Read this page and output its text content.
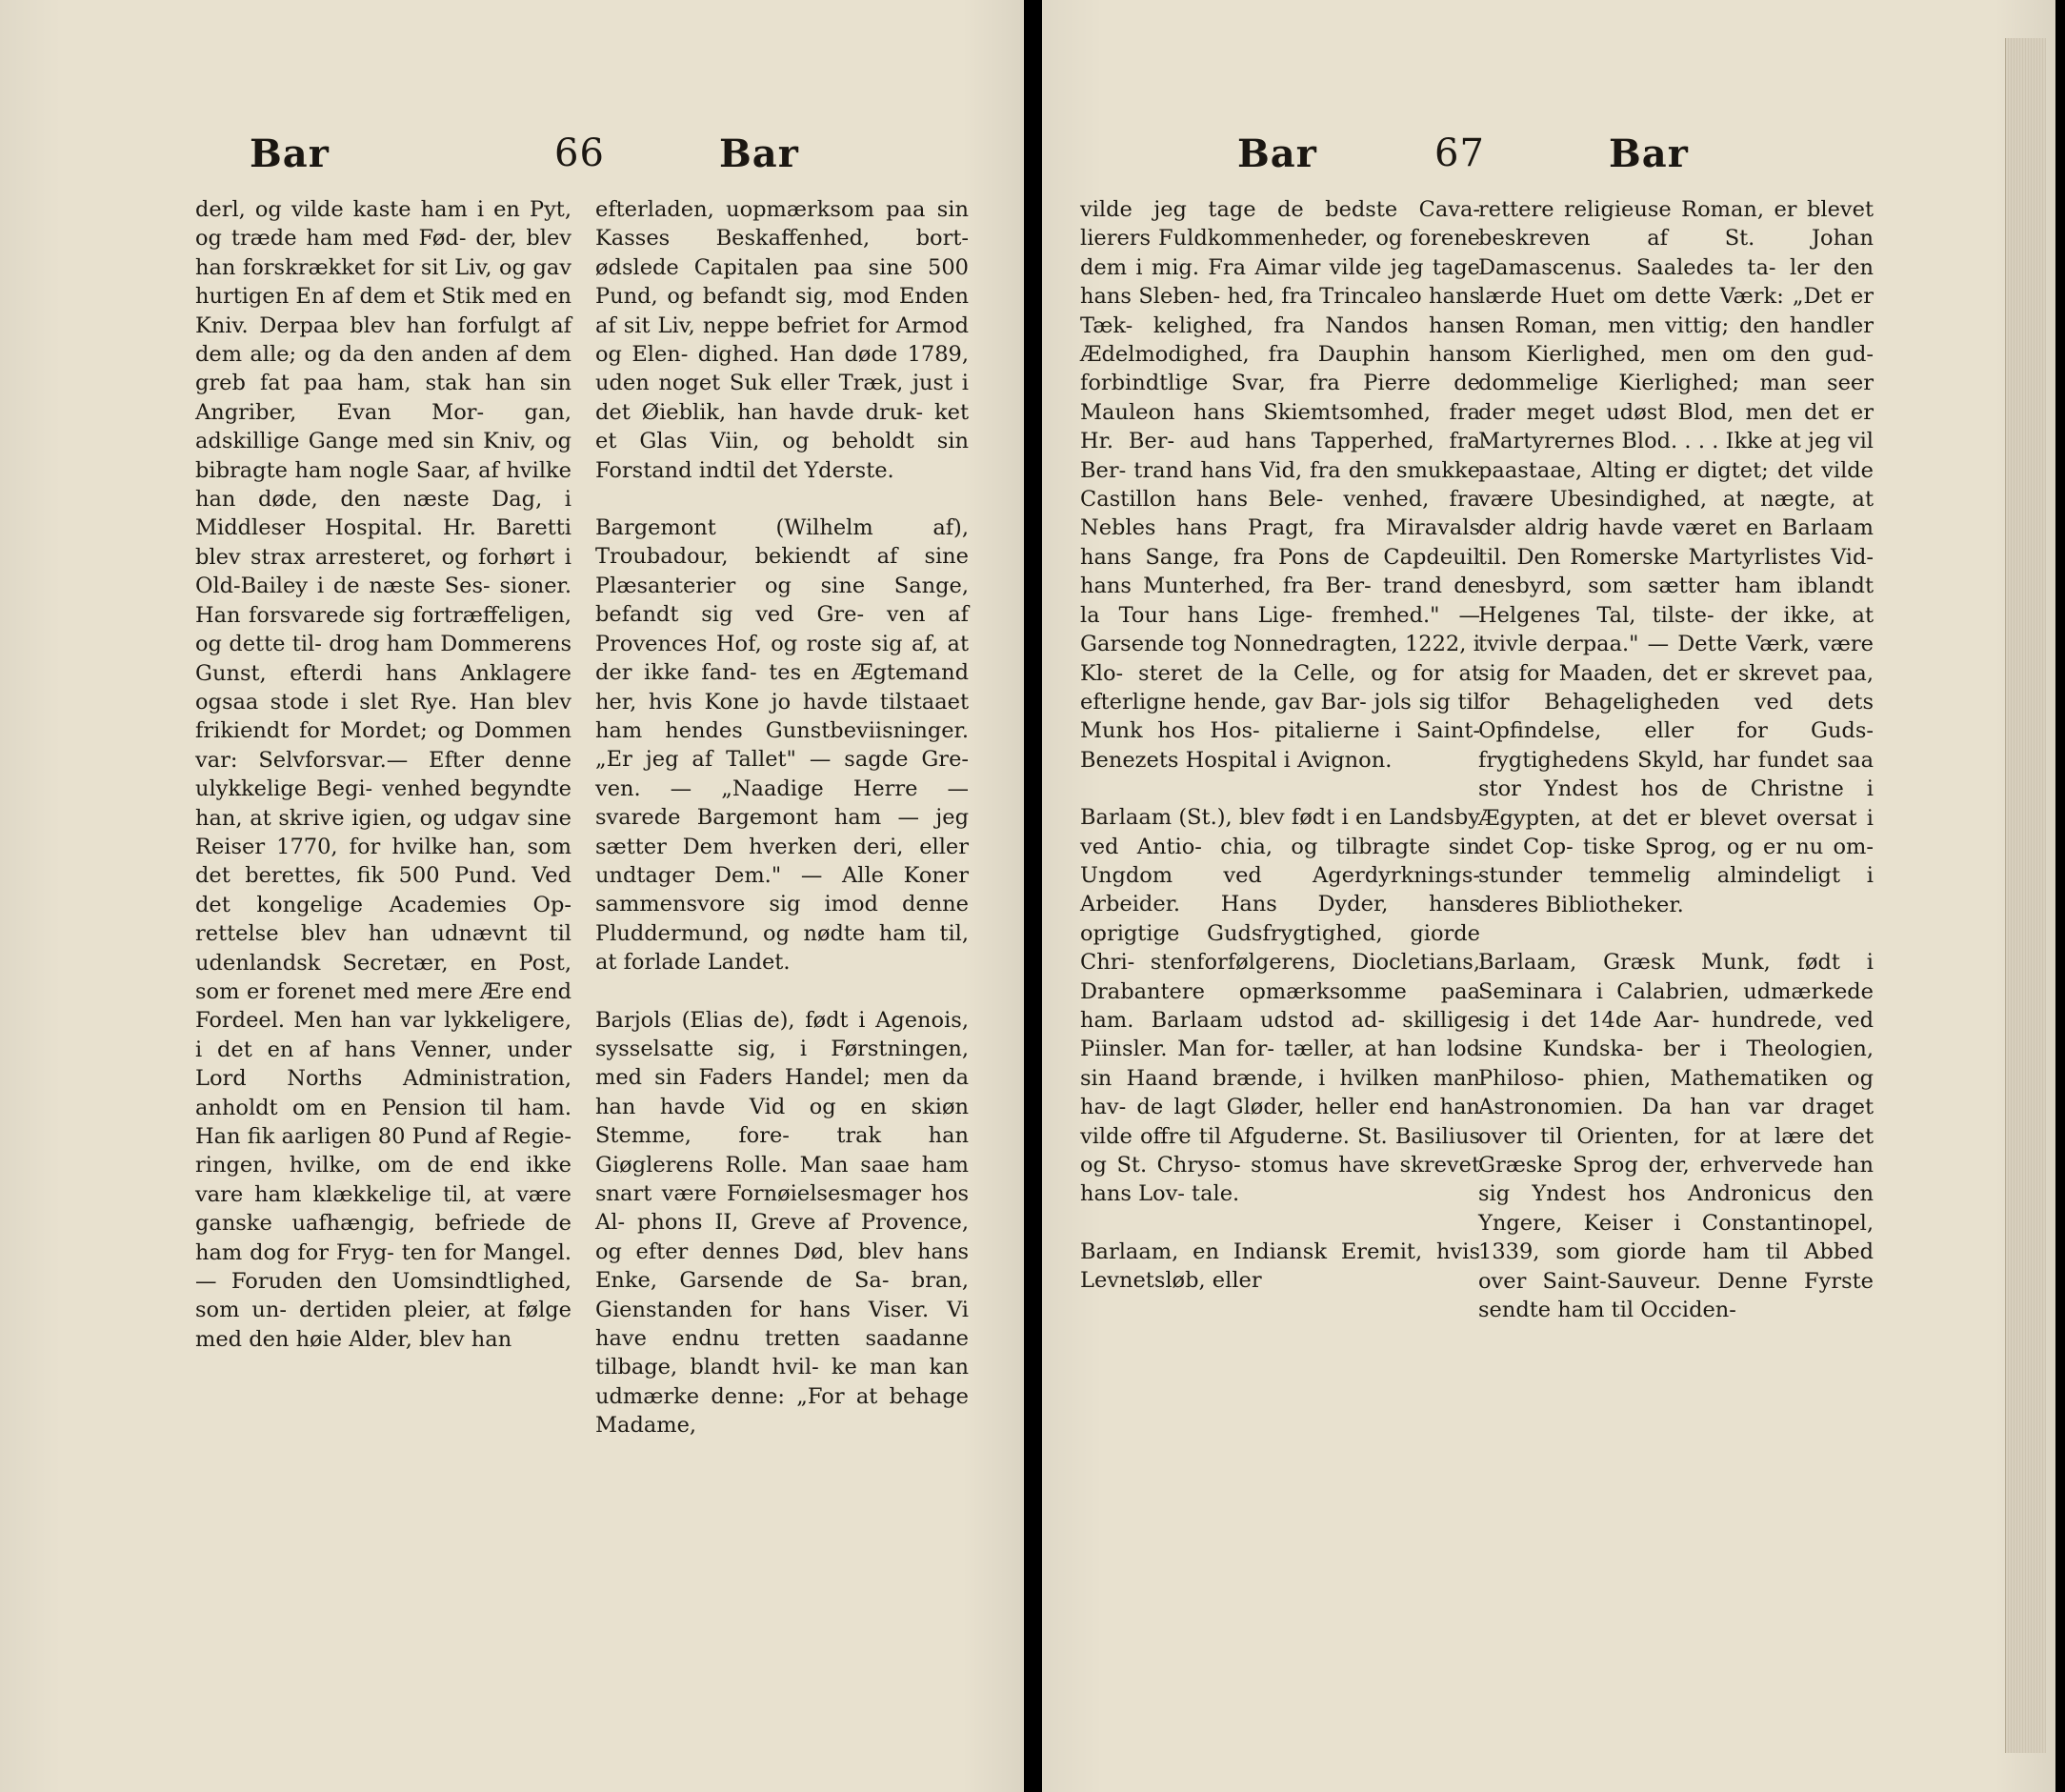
Bar	66	Bar

derl, og vilde kaste ham i en Pyt, og træde ham med Fød- der, blev han forskrækket for sit Liv, og gav hurtigen En af dem et Stik med en Kniv. Derpaa blev han forfulgt af dem alle; og da den anden af dem greb fat paa ham, stak han sin Angriber, Evan Mor- gan, adskillige Gange med sin Kniv, og bibragte ham nogle Saar, af hvilke han døde, den næste Dag, i Middleser Hospital. Hr. Baretti blev strax arresteret, og forhørt i Old-Bailey i de næste Ses- sioner. Han forsvarede sig fortræffeligen, og dette til- drog ham Dommerens Gunst, efterdi hans Anklagere ogsaa stode i slet Rye. Han blev frikiendt for Mordet; og Dommen var: Selvforsvar.— Efter denne ulykkelige Begi- venhed begyndte han, at skrive igien, og udgav sine Reiser 1770, for hvilke han, som det berettes, fik 500 Pund. Ved det kongelige Academies Op- rettelse blev han udnævnt til udenlandsk Secretær, en Post, som er forenet med mere Ære end Fordeel. Men han var lykkeligere, i det en af hans Venner, under Lord Norths Administration, anholdt om en Pension til ham. Han fik aarligen 80 Pund af Regie- ringen, hvilke, om de end ikke vare ham klækkelige til, at være ganske uafhængig, befriede de ham dog for Fryg- ten for Mangel. — Foruden den Uomsindtlighed, som un- dertiden pleier, at følge med den høie Alder, blev han

efterladen, uopmærksom paa sin Kasses Beskaffenhed, bort- ødslede Capitalen paa sine 500 Pund, og befandt sig, mod Enden af sit Liv, neppe befriet for Armod og Elen- dighed. Han døde 1789, uden noget Suk eller Træk, just i det Øieblik, han havde druk- ket et Glas Viin, og beholdt sin Forstand indtil det Yderste.

Bargemont (Wilhelm af), Troubadour, bekiendt af sine Plæsanterier og sine Sange, befandt sig ved Gre- ven af Provences Hof, og roste sig af, at der ikke fand- tes en Ægtemand her, hvis Kone jo havde tilstaaet ham hendes Gunstbeviisninger. „Er jeg af Tallet" — sagde Gre- ven. — „Naadige Herre — svarede Bargemont ham — jeg sætter Dem hverken deri, eller undtager Dem." — Alle Koner sammensvore sig imod denne Pluddermund, og nødte ham til, at forlade Landet.

Barjols (Elias de), født i Agenois, sysselsatte sig, i Førstningen, med sin Faders Handel; men da han havde Vid og en skiøn Stemme, fore- trak han Giøglerens Rolle. Man saae ham snart være Fornøielsesmager hos Al- phons II, Greve af Provence, og efter dennes Død, blev hans Enke, Garsende de Sa- bran, Gienstanden for hans Viser. Vi have endnu tretten saadanne tilbage, blandt hvil- ke man kan udmærke denne: „For at behage Madame,

Bar	67	Bar

vilde jeg tage de bedste Cava- lierers Fuldkommenheder, og forene dem i mig. Fra Aimar vilde jeg tage hans Sleben- hed, fra Trincaleo hans Tæk- kelighed, fra Nandos hans Ædelmodighed, fra Dauphin hans forbindtlige Svar, fra Pierre de Mauleon hans Skiemtsomhed, fra Hr. Ber- aud hans Tapperhed, fra Ber- trand hans Vid, fra den smukke Castillon hans Bele- venhed, fra Nebles hans Pragt, fra Miravals hans Sange, fra Pons de Capdeuil hans Munterhed, fra Ber- trand de la Tour hans Lige- fremhed." — Garsende tog Nonnedragten, 1222, i Klo- steret de la Celle, og for at efterligne hende, gav Bar- jols sig til Munk hos Hos- pitalierne i Saint-Benezets Hospital i Avignon.

Barlaam (St.), blev født i en Landsby ved Antio- chia, og tilbragte sin Ungdom ved Agerdyrknings-Arbeider. Hans Dyder, hans oprigtige Gudsfrygtighed, giorde Chri- stenforfølgerens, Diocletians, Drabantere opmærksomme paa ham. Barlaam udstod ad- skillige Piinsler. Man for- tæller, at han lod sin Haand brænde, i hvilken man hav- de lagt Gløder, heller end han vilde offre til Afguderne. St. Basilius og St. Chryso- stomus have skrevet hans Lov- tale.

Barlaam, en Indiansk Eremit, hvis Levnetsløb, eller

rettere religieuse Roman, er blevet beskreven af St. Johan Damascenus. Saaledes ta- ler den lærde Huet om dette Værk: „Det er en Roman, men vittig; den handler om Kierlighed, men om den gud- dommelige Kierlighed; man seer der meget udøst Blod, men det er Martyrernes Blod. . . . Ikke at jeg vil paastaae, Alting er digtet; det vilde være Ubesindighed, at nægte, at der aldrig havde været en Barlaam til. Den Romerske Martyrlistes Vid- nesbyrd, som sætter ham iblandt Helgenes Tal, tilste- der ikke, at tvivle derpaa." — Dette Værk, være sig for Maaden, det er skrevet paa, for Behageligheden ved dets Opfindelse, eller for Guds- frygtighedens Skyld, har fundet saa stor Yndest hos de Christne i Ægypten, at det er blevet oversat i det Cop- tiske Sprog, og er nu om- stunder temmelig almindeligt i deres Bibliotheker.

Barlaam, Græsk Munk, født i Seminara i Calabrien, udmærkede sig i det 14de Aar- hundrede, ved sine Kundska- ber i Theologien, Philoso- phien, Mathematiken og Astronomien. Da han var draget over til Orienten, for at lære det Græske Sprog der, erhvervede han sig Yndest hos Andronicus den Yngere, Keiser i Constantinopel, 1339, som giorde ham til Abbed over Saint-Sauveur. Denne Fyrste sendte ham til Occiden-
